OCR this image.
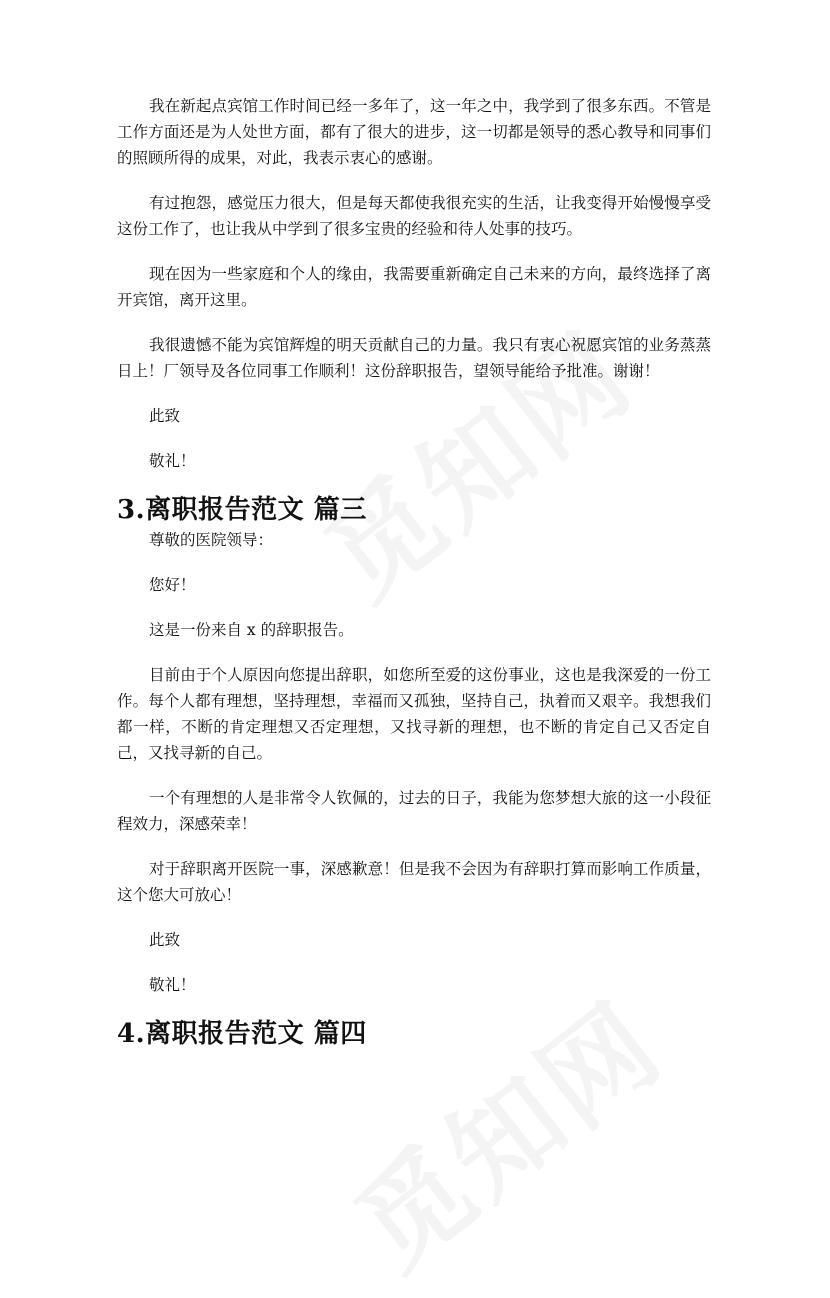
我在新起点宾馆工作时间已经一多年了，这一年之中，我学到了很多东西。不管是工作方面还是为人处世方面，都有了很大的进步，这一切都是领导的悉心教导和同事们的照顾所得的成果，对此，我表示衷心的感谢。

有过抱怨，感觉压力很大，但是每天都使我很充实的生活，让我变得开始慢慢享受这份工作了，也让我从中学到了很多宝贵的经验和待人处事的技巧。

现在因为一些家庭和个人的缘由，我需要重新确定自己未来的方向，最终选择了离开宾馆，离开这里。

我很遗憾不能为宾馆辉煌的明天贡献自己的力量。我只有衷心祝愿宾馆的业务蒸蒸日上！厂领导及各位同事工作顺利！这份辞职报告，望领导能给予批准。谢谢！

此致

敬礼！

3.离职报告范文 篇三

尊敬的医院领导：

您好！

这是一份来自 x 的辞职报告。

目前由于个人原因向您提出辞职，如您所至爱的这份事业，这也是我深爱的一份工作。每个人都有理想，坚持理想，幸福而又孤独，坚持自己，执着而又艰辛。我想我们都一样，不断的肯定理想又否定理想，又找寻新的理想，也不断的肯定自己又否定自己，又找寻新的自己。

一个有理想的人是非常令人钦佩的，过去的日子，我能为您梦想大旅的这一小段征程效力，深感荣幸！

对于辞职离开医院一事，深感歉意！但是我不会因为有辞职打算而影响工作质量，这个您大可放心！

此致

敬礼！

4.离职报告范文 篇四
